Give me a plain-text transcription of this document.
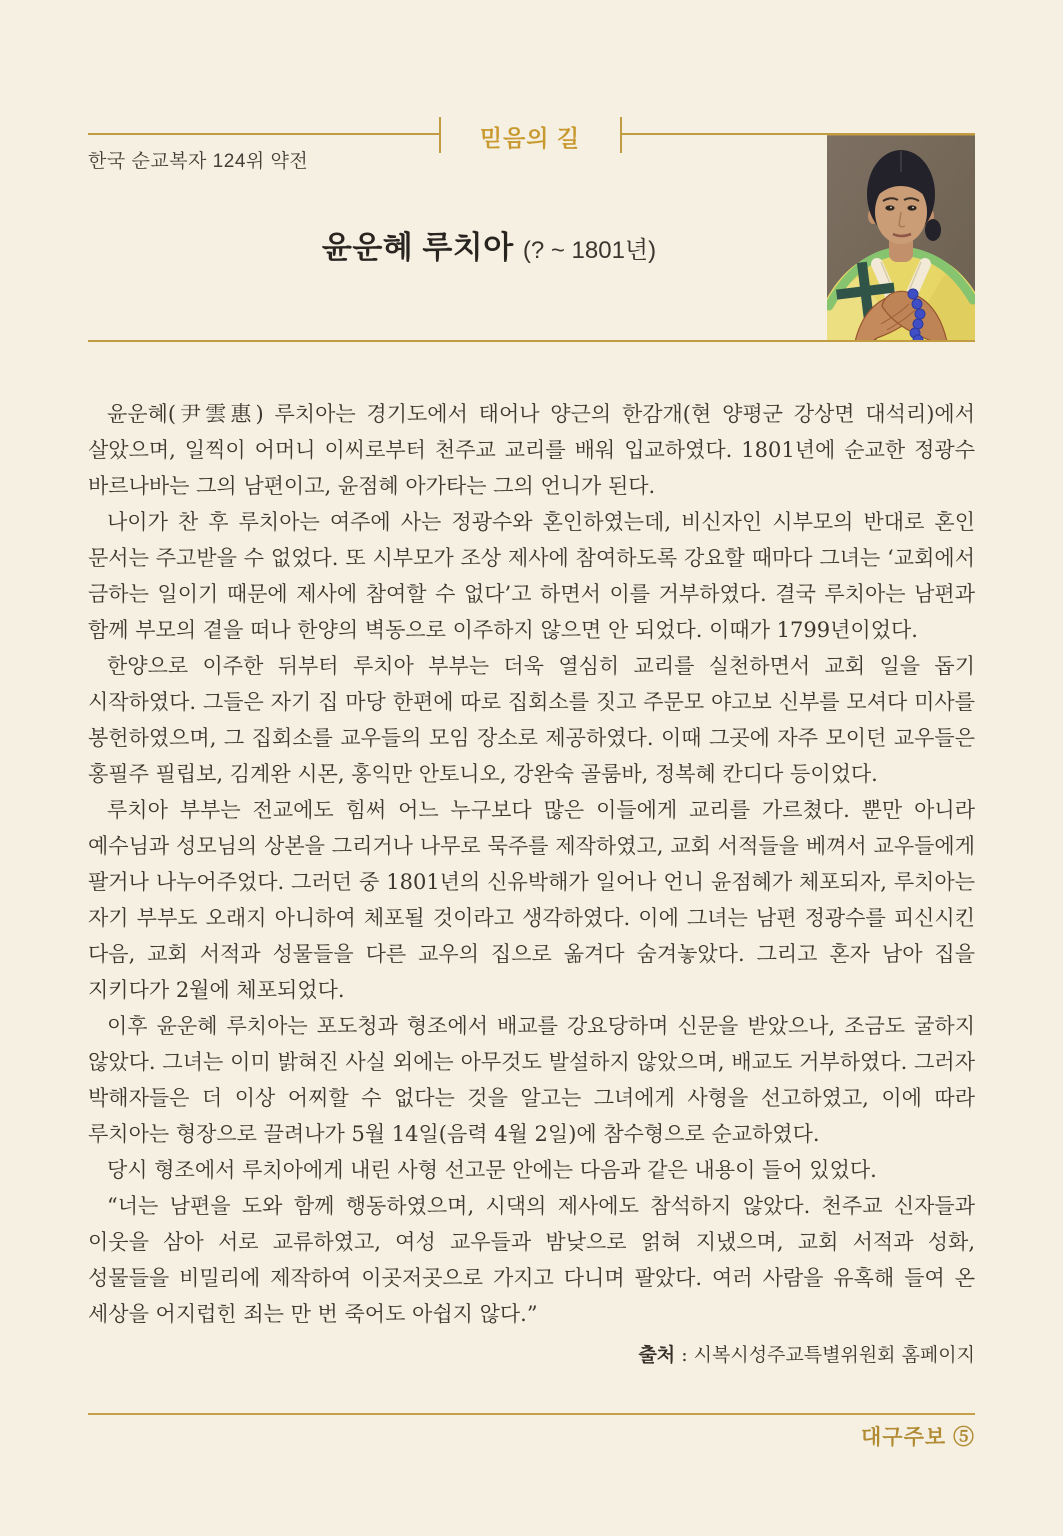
믿음의 길
한국 순교복자 124위 약전
윤운혜 루치아 (? ~ 1801년)

윤운혜(尹雲惠) 루치아는 경기도에서 태어나 양근의 한감개(현 양평군 강상면 대석리)에서 살았으며, 일찍이 어머니 이씨로부터 천주교 교리를 배워 입교하였다. 1801년에 순교한 정광수 바르나바는 그의 남편이고, 윤점혜 아가타는 그의 언니가 된다.

나이가 찬 후 루치아는 여주에 사는 정광수와 혼인하였는데, 비신자인 시부모의 반대로 혼인 문서는 주고받을 수 없었다. 또 시부모가 조상 제사에 참여하도록 강요할 때마다 그녀는 ‘교회에서 금하는 일이기 때문에 제사에 참여할 수 없다’고 하면서 이를 거부하였다. 결국 루치아는 남편과 함께 부모의 곁을 떠나 한양의 벽동으로 이주하지 않으면 안 되었다. 이때가 1799년이었다.

한양으로 이주한 뒤부터 루치아 부부는 더욱 열심히 교리를 실천하면서 교회 일을 돕기 시작하였다. 그들은 자기 집 마당 한편에 따로 집회소를 짓고 주문모 야고보 신부를 모셔다 미사를 봉헌하였으며, 그 집회소를 교우들의 모임 장소로 제공하였다. 이때 그곳에 자주 모이던 교우들은 홍필주 필립보, 김계완 시몬, 홍익만 안토니오, 강완숙 골룸바, 정복혜 칸디다 등이었다.

루치아 부부는 전교에도 힘써 어느 누구보다 많은 이들에게 교리를 가르쳤다. 뿐만 아니라 예수님과 성모님의 상본을 그리거나 나무로 묵주를 제작하였고, 교회 서적들을 베껴서 교우들에게 팔거나 나누어주었다. 그러던 중 1801년의 신유박해가 일어나 언니 윤점혜가 체포되자, 루치아는 자기 부부도 오래지 아니하여 체포될 것이라고 생각하였다. 이에 그녀는 남편 정광수를 피신시킨 다음, 교회 서적과 성물들을 다른 교우의 집으로 옮겨다 숨겨놓았다. 그리고 혼자 남아 집을 지키다가 2월에 체포되었다.

이후 윤운혜 루치아는 포도청과 형조에서 배교를 강요당하며 신문을 받았으나, 조금도 굴하지 않았다. 그녀는 이미 밝혀진 사실 외에는 아무것도 발설하지 않았으며, 배교도 거부하였다. 그러자 박해자들은 더 이상 어찌할 수 없다는 것을 알고는 그녀에게 사형을 선고하였고, 이에 따라 루치아는 형장으로 끌려나가 5월 14일(음력 4월 2일)에 참수형으로 순교하였다.

당시 형조에서 루치아에게 내린 사형 선고문 안에는 다음과 같은 내용이 들어 있었다.

“너는 남편을 도와 함께 행동하였으며, 시댁의 제사에도 참석하지 않았다. 천주교 신자들과 이웃을 삼아 서로 교류하였고, 여성 교우들과 밤낮으로 얽혀 지냈으며, 교회 서적과 성화, 성물들을 비밀리에 제작하여 이곳저곳으로 가지고 다니며 팔았다. 여러 사람을 유혹해 들여 온 세상을 어지럽힌 죄는 만 번 죽어도 아쉽지 않다.”

출처 : 시복시성주교특별위원회 홈페이지
대구주보 ⑤
